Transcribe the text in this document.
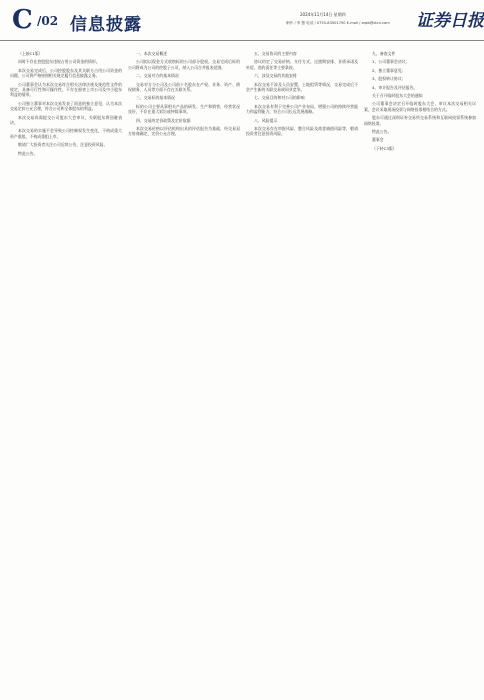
C /02 信息披露
2024年11月14日 星期四
制作 / 李 慧 电话 / 0755-83501750 E-mail / zqsb@stcn.com 证券日报

（上接C1版）

同时不存在控股股东违规占用公司资金的情形。

本次交易完成后，公司控股股东及其关联方占用公司资金的问题，公司将严格按照相关规定履行信息披露义务。

公司董事会认为本次交易符合相关法律法规及规范性文件的规定，具备可行性和可操作性，不存在损害上市公司及中小股东利益的情形。

公司独立董事对本次交易发表了同意的独立意见，认为本次交易定价公允合理，符合公司和全体股东的利益。

本次交易尚需提交公司股东大会审议，关联股东将回避表决。

本次交易的实施不会导致公司控制权发生变化，不构成重大资产重组，不构成重组上市。

敬请广大投资者关注公司后续公告，注意投资风险。

特此公告。

一、本次交易概述

公司拟以现金方式收购标的公司部分股权，交易完成后标的公司将成为公司的控股子公司，纳入公司合并报表范围。

二、交易对方的基本情况

交易对方与公司及公司前十名股东在产权、业务、资产、债权债务、人员等方面不存在关联关系。

三、交易标的基本情况

标的公司主要从事相关产品的研发、生产和销售，经营状况良好，不存在重大诉讼或仲裁事项。

四、交易的定价政策及定价依据

本次交易价格以评估机构出具的评估报告为基础，经交易双方协商确定，定价公允合理。

五、交易协议的主要内容

协议约定了交易价格、支付方式、过渡期安排、业绩承诺及补偿、违约责任等主要条款。

六、涉及交易的其他安排

本次交易不涉及人员安置、土地租赁等情况，交易完成后不会产生新的关联交易或同业竞争。

七、交易目的和对公司的影响

本次交易有利于完善公司产业布局，增强公司的持续经营能力和盈利能力，符合公司长远发展战略。

八、风险提示

本次交易存在审批风险、整合风险及商誉减值风险等，敬请投资者注意投资风险。

九、备查文件

1、公司董事会决议；

2、独立董事意见；

3、股权转让协议；

4、审计报告及评估报告。

关于召开临时股东大会的通知

公司董事会决定召开临时股东大会，审议本次交易相关议案，会议采取现场投票与网络投票相结合的方式。

股东可通过深圳证券交易所交易系统和互联网投票系统参加网络投票。

特此公告。

董事会

（下转C3版）
